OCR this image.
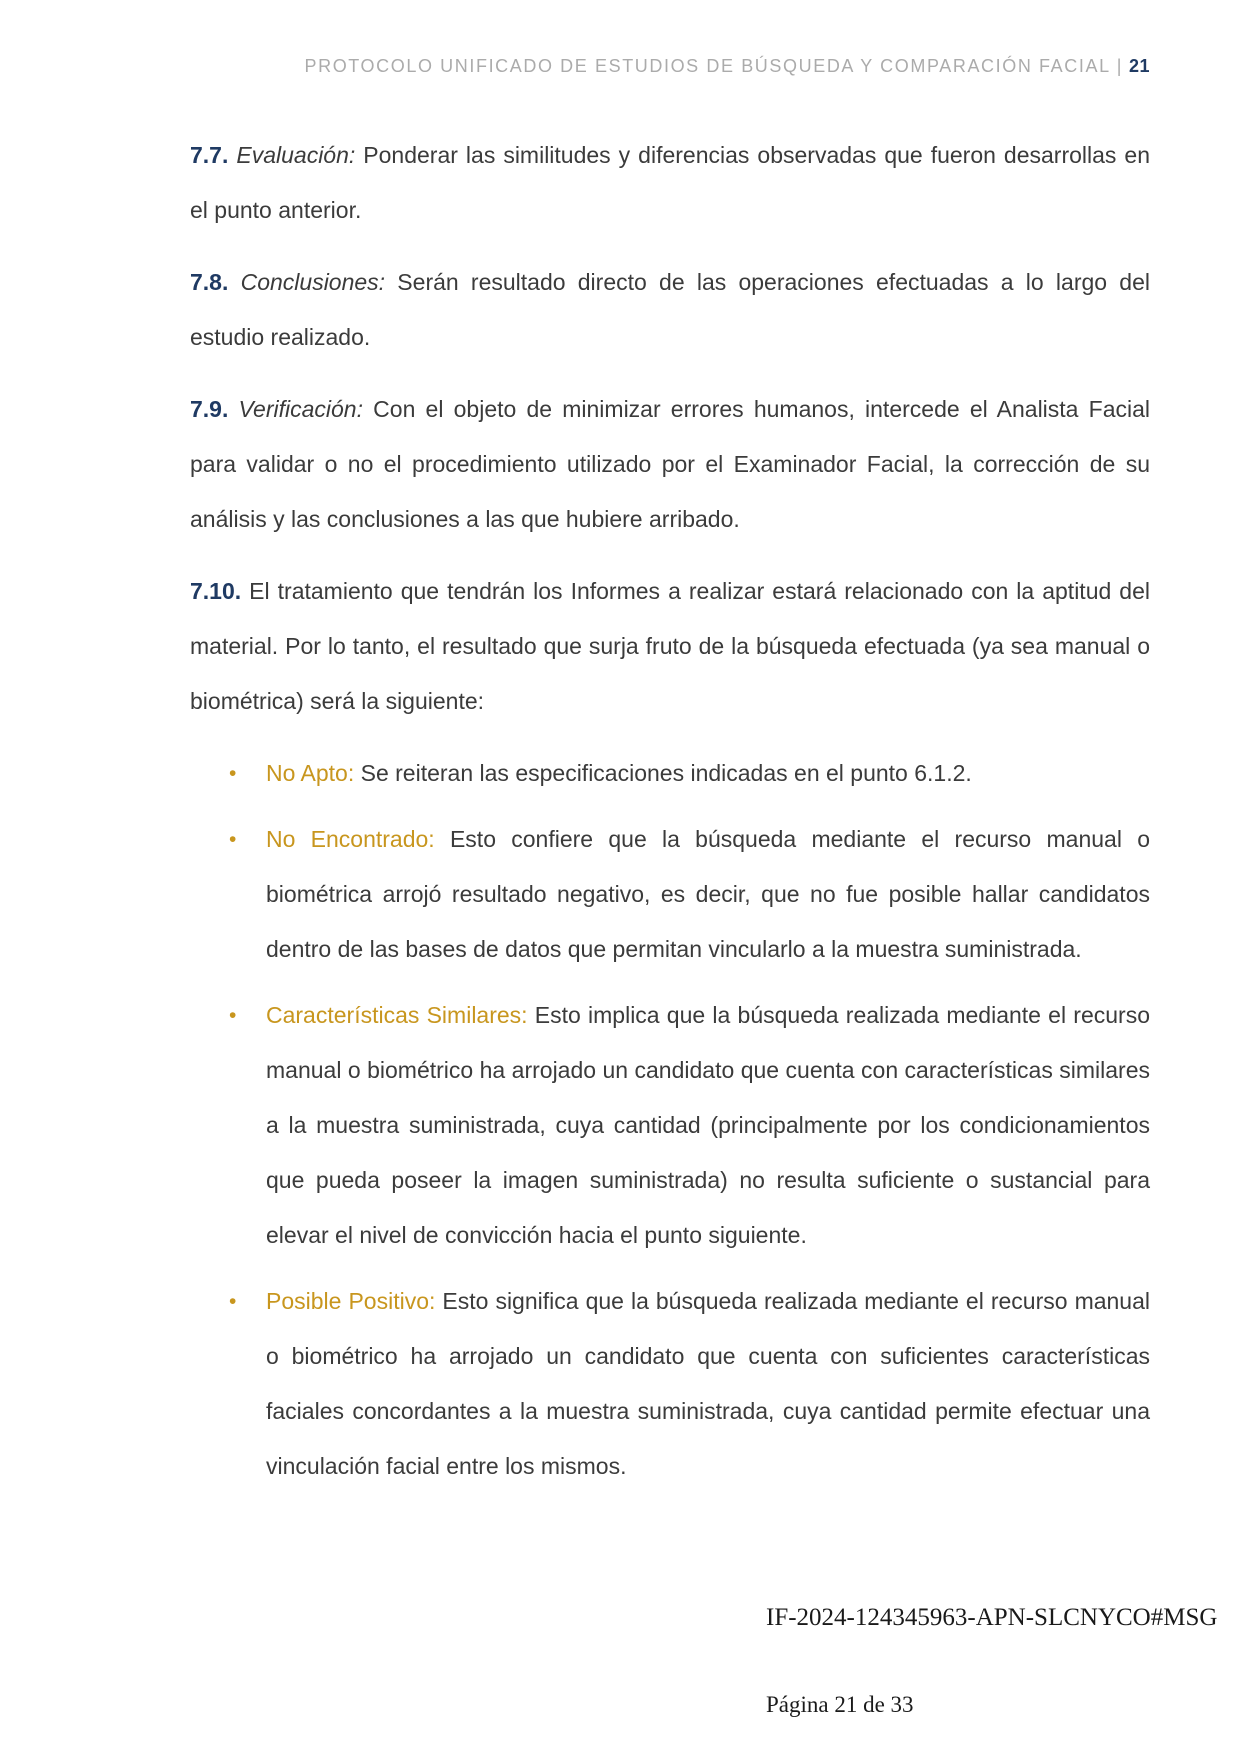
PROTOCOLO UNIFICADO DE ESTUDIOS DE BÚSQUEDA Y COMPARACIÓN FACIAL | 21

7.7. Evaluación: Ponderar las similitudes y diferencias observadas que fueron desarrollas en el punto anterior.

7.8. Conclusiones: Serán resultado directo de las operaciones efectuadas a lo largo del estudio realizado.

7.9. Verificación: Con el objeto de minimizar errores humanos, intercede el Analista Facial para validar o no el procedimiento utilizado por el Examinador Facial, la corrección de su análisis y las conclusiones a las que hubiere arribado.

7.10. El tratamiento que tendrán los Informes a realizar estará relacionado con la aptitud del material. Por lo tanto, el resultado que surja fruto de la búsqueda efectuada (ya sea manual o biométrica) será la siguiente:

• No Apto: Se reiteran las especificaciones indicadas en el punto 6.1.2.
• No Encontrado: Esto confiere que la búsqueda mediante el recurso manual o biométrica arrojó resultado negativo, es decir, que no fue posible hallar candidatos dentro de las bases de datos que permitan vincularlo a la muestra suministrada.
• Características Similares: Esto implica que la búsqueda realizada mediante el recurso manual o biométrico ha arrojado un candidato que cuenta con características similares a la muestra suministrada, cuya cantidad (principalmente por los condicionamientos que pueda poseer la imagen suministrada) no resulta suficiente o sustancial para elevar el nivel de convicción hacia el punto siguiente.
• Posible Positivo: Esto significa que la búsqueda realizada mediante el recurso manual o biométrico ha arrojado un candidato que cuenta con suficientes características faciales concordantes a la muestra suministrada, cuya cantidad permite efectuar una vinculación facial entre los mismos.
IF-2024-124345963-APN-SLCNYCO#MSG
Página 21 de 33
